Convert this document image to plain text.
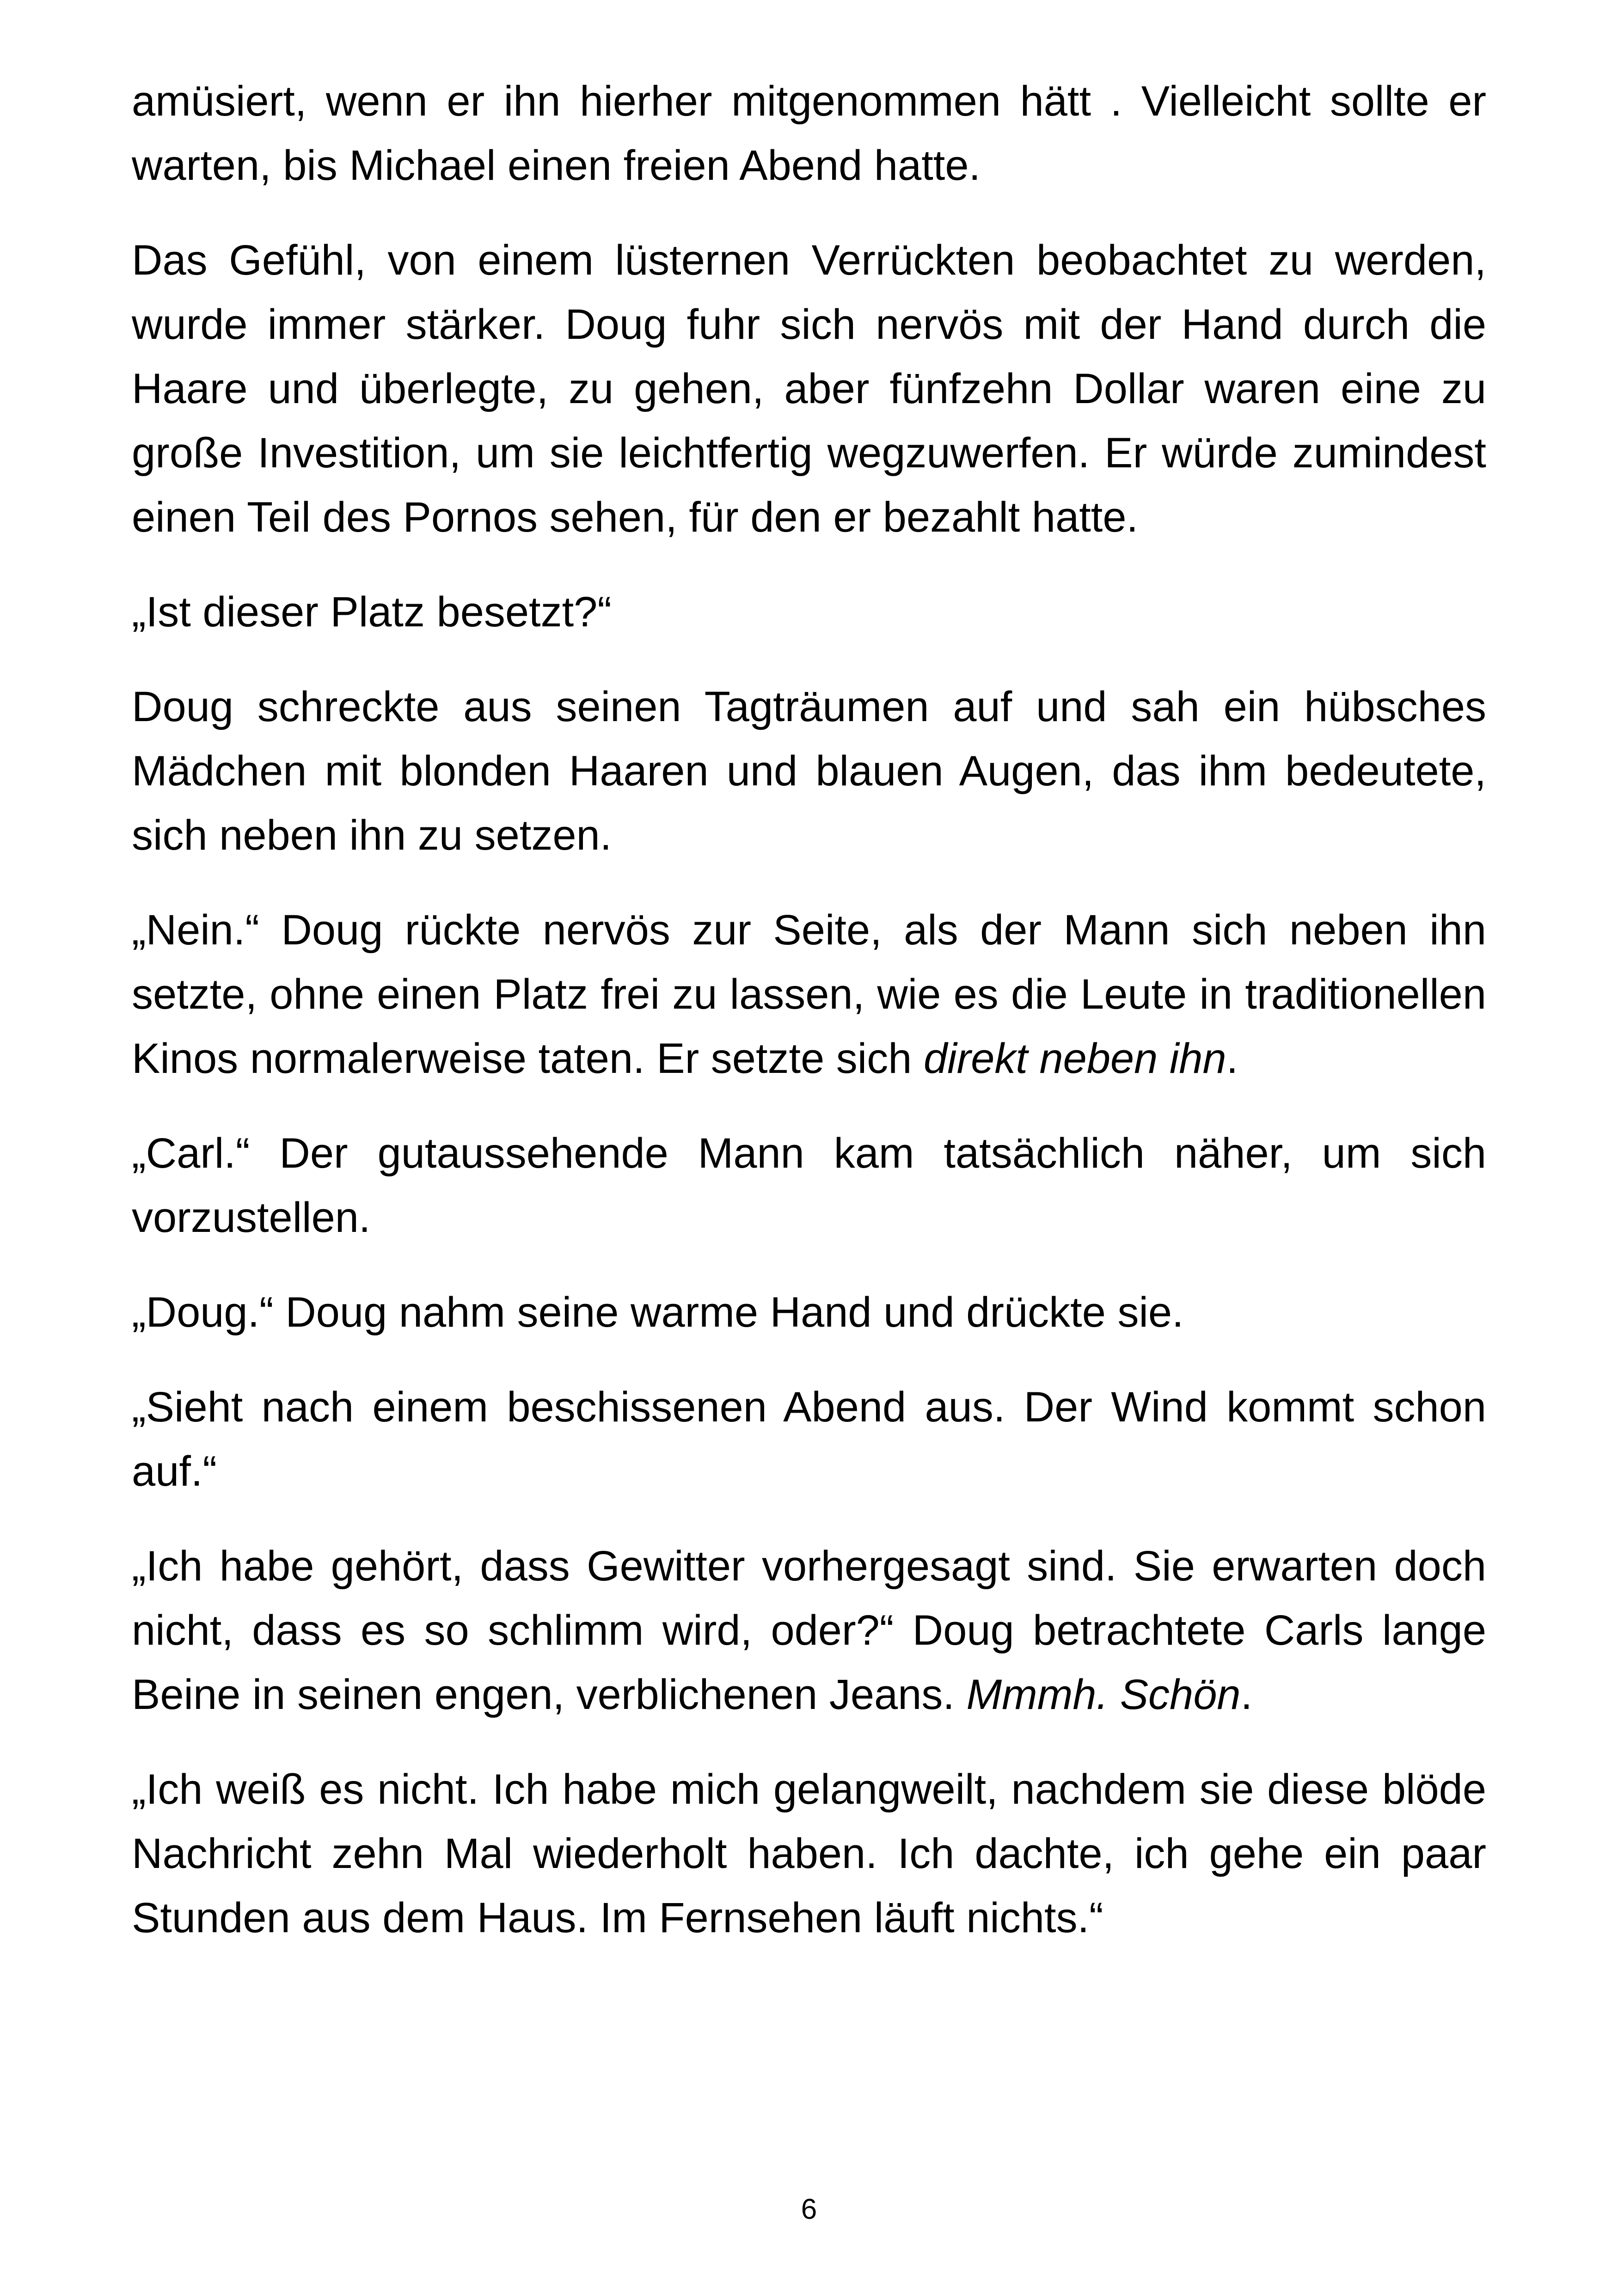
amüsiert, wenn er ihn hierher mitgenommen hätt . Vielleicht sollte er warten, bis Michael einen freien Abend hatte.

Das Gefühl, von einem lüsternen Verrückten beobachtet zu werden, wurde immer stärker. Doug fuhr sich nervös mit der Hand durch die Haare und überlegte, zu gehen, aber fünfzehn Dollar waren eine zu große Investition, um sie leichtfertig wegzuwerfen. Er würde zumindest einen Teil des Pornos sehen, für den er bezahlt hatte.

„Ist dieser Platz besetzt?“

Doug schreckte aus seinen Tagträumen auf und sah ein hübsches Mädchen mit blonden Haaren und blauen Augen, das ihm bedeutete, sich neben ihn zu setzen.

„Nein.“ Doug rückte nervös zur Seite, als der Mann sich neben ihn setzte, ohne einen Platz frei zu lassen, wie es die Leute in traditionellen Kinos normalerweise taten. Er setzte sich direkt neben ihn.

„Carl.“ Der gutaussehende Mann kam tatsächlich näher, um sich vorzustellen.

„Doug.“ Doug nahm seine warme Hand und drückte sie.

„Sieht nach einem beschissenen Abend aus. Der Wind kommt schon auf.“

„Ich habe gehört, dass Gewitter vorhergesagt sind. Sie erwarten doch nicht, dass es so schlimm wird, oder?“ Doug betrachtete Carls lange Beine in seinen engen, verblichenen Jeans. Mmmh. Schön.

„Ich weiß es nicht. Ich habe mich gelangweilt, nachdem sie diese blöde Nachricht zehn Mal wiederholt haben. Ich dachte, ich gehe ein paar Stunden aus dem Haus. Im Fernsehen läuft nichts.“

6
